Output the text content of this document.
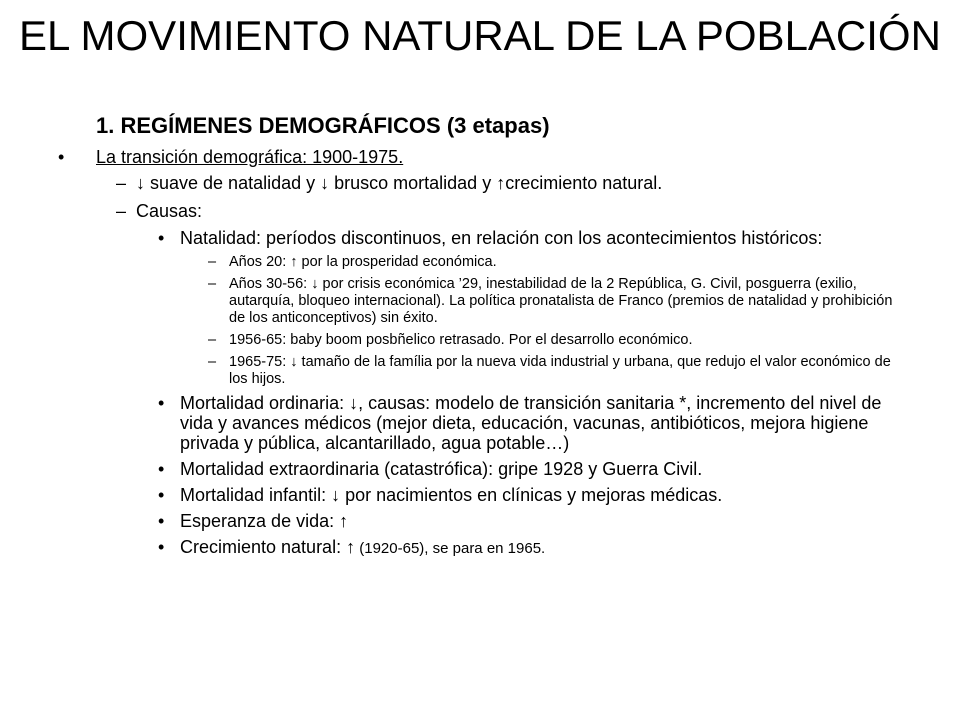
EL MOVIMIENTO NATURAL DE LA POBLACIÓN
1. REGÍMENES DEMOGRÁFICOS (3 etapas)
• La transición demográfica: 1900-1975.
– ↓ suave de natalidad y ↓ brusco mortalidad y ↑crecimiento natural.
– Causas:
• Natalidad: períodos discontinuos, en relación con los acontecimientos históricos:
– Años 20: ↑ por la prosperidad económica.
– Años 30-56: ↓ por crisis económica ’29, inestabilidad de la 2 República, G. Civil, posguerra (exilio, autarquía, bloqueo internacional). La política pronatalista de Franco (premios de natalidad y prohibición de los anticonceptivos) sin éxito.
– 1956-65: baby boom posbñelico retrasado. Por el desarrollo económico.
– 1965-75: ↓ tamaño de la família por la nueva vida industrial y urbana, que redujo el valor económico de los hijos.
• Mortalidad ordinaria: ↓, causas: modelo de transición sanitaria *, incremento del nivel de vida y avances médicos (mejor dieta, educación, vacunas, antibióticos, mejora higiene privada y pública, alcantarillado, agua potable…)
• Mortalidad extraordinaria (catastrófica): gripe 1928 y Guerra Civil.
• Mortalidad infantil: ↓ por nacimientos en clínicas y mejoras médicas.
• Esperanza de vida: ↑
• Crecimiento natural: ↑ (1920-65), se para en 1965.
